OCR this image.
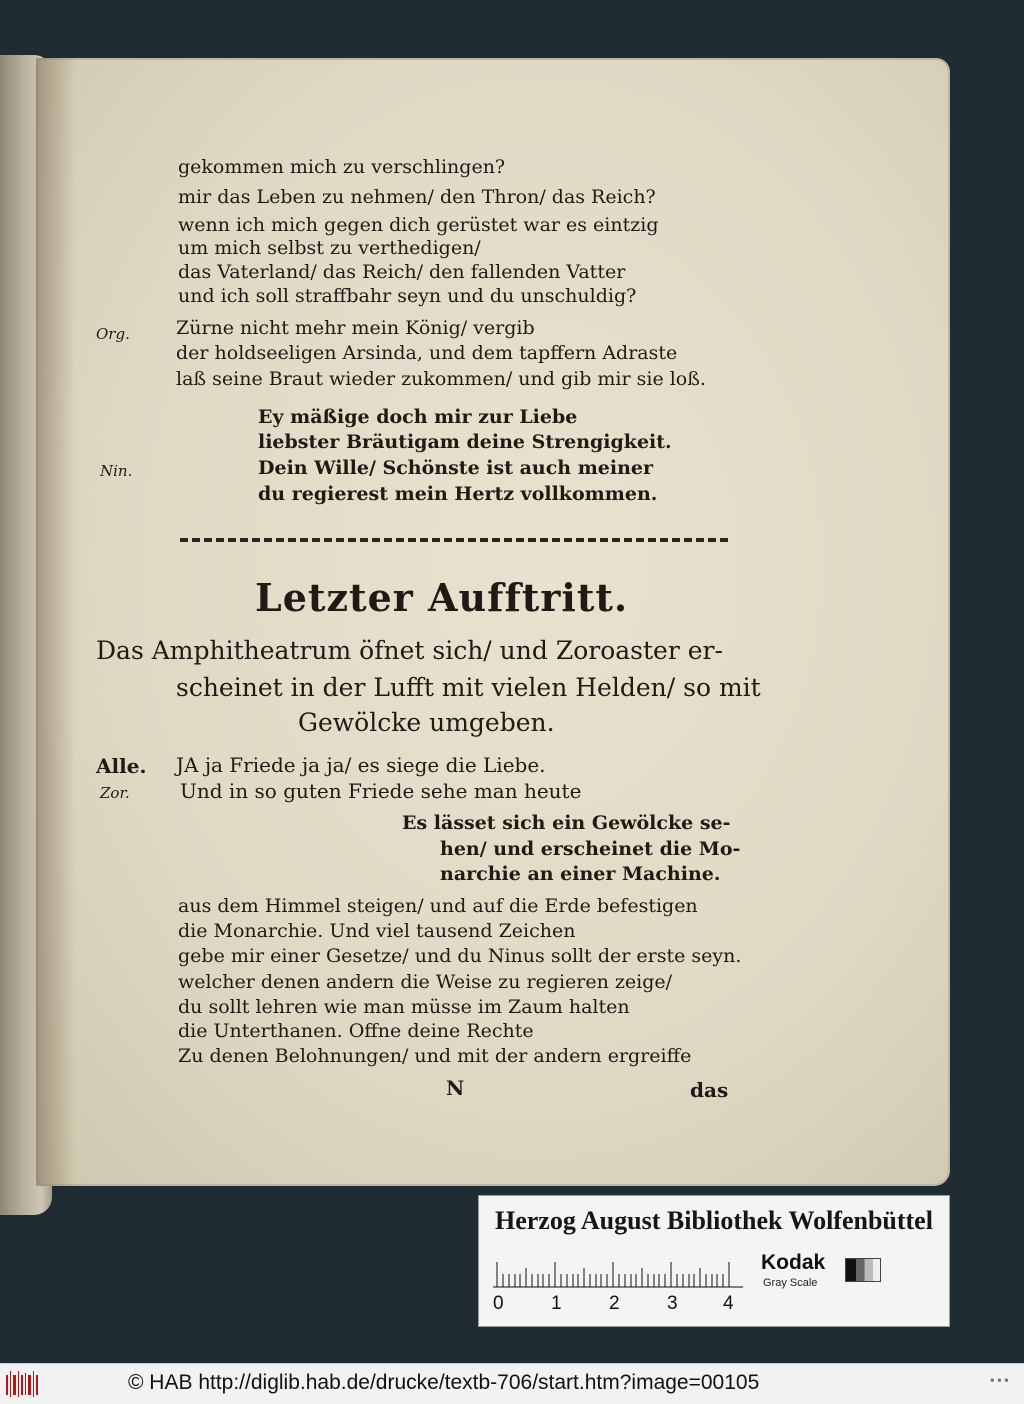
gekommen mich zu verschlingen?
mir das Leben zu nehmen/ den Thron/ das Reich?
wenn ich mich gegen dich gerüstet war es eintzig
um mich selbst zu verthedigen/
das Vaterland/ das Reich/ den fallenden Vatter
und ich soll straffbahr seyn und du unschuldig?
Org. Zürne nicht mehr mein König/ vergib
der holdseeligen Arsinda, und dem tapffern Adraste
laß seine Braut wieder zukommen/ und gib mir sie loß.
Ey mäßige doch mir zur Liebe
liebster Bräutigam deine Strengigkeit.
Nin.	Dein Wille/ Schönste ist auch meiner
du regierest mein Hertz vollkommen.
Letzter Aufftritt.
Das Amphitheatrum öfnet sich/ und Zoroaster er-
scheinet in der Lufft mit vielen Helden/ so mit
Gewölcke umgeben.
Alle. JA ja Friede ja ja/ es siege die Liebe.
Zor.	Und in so guten Friede sehe man heute
Es lässet sich ein Gewölcke se-
hen/ und erscheinet die Mo-
narchie an einer Machine.
aus dem Himmel steigen/ und auf die Erde befestigen
die Monarchie. Und viel tausend Zeichen
gebe mir einer Gesetze/ und du Ninus sollt der erste seyn.
welcher denen andern die Weise zu regieren zeige/
du sollt lehren wie man müsse im Zaum halten
die Unterthanen. Offne deine Rechte
Zu denen Belohnungen/ und mit der andern ergreiffe
N	das
Herzog August Bibliothek Wolfenbüttel
0 1 2 3 4
Kodak
Gray Scale
© HAB http://diglib.hab.de/drucke/textb-706/start.htm?image=00105	•••
